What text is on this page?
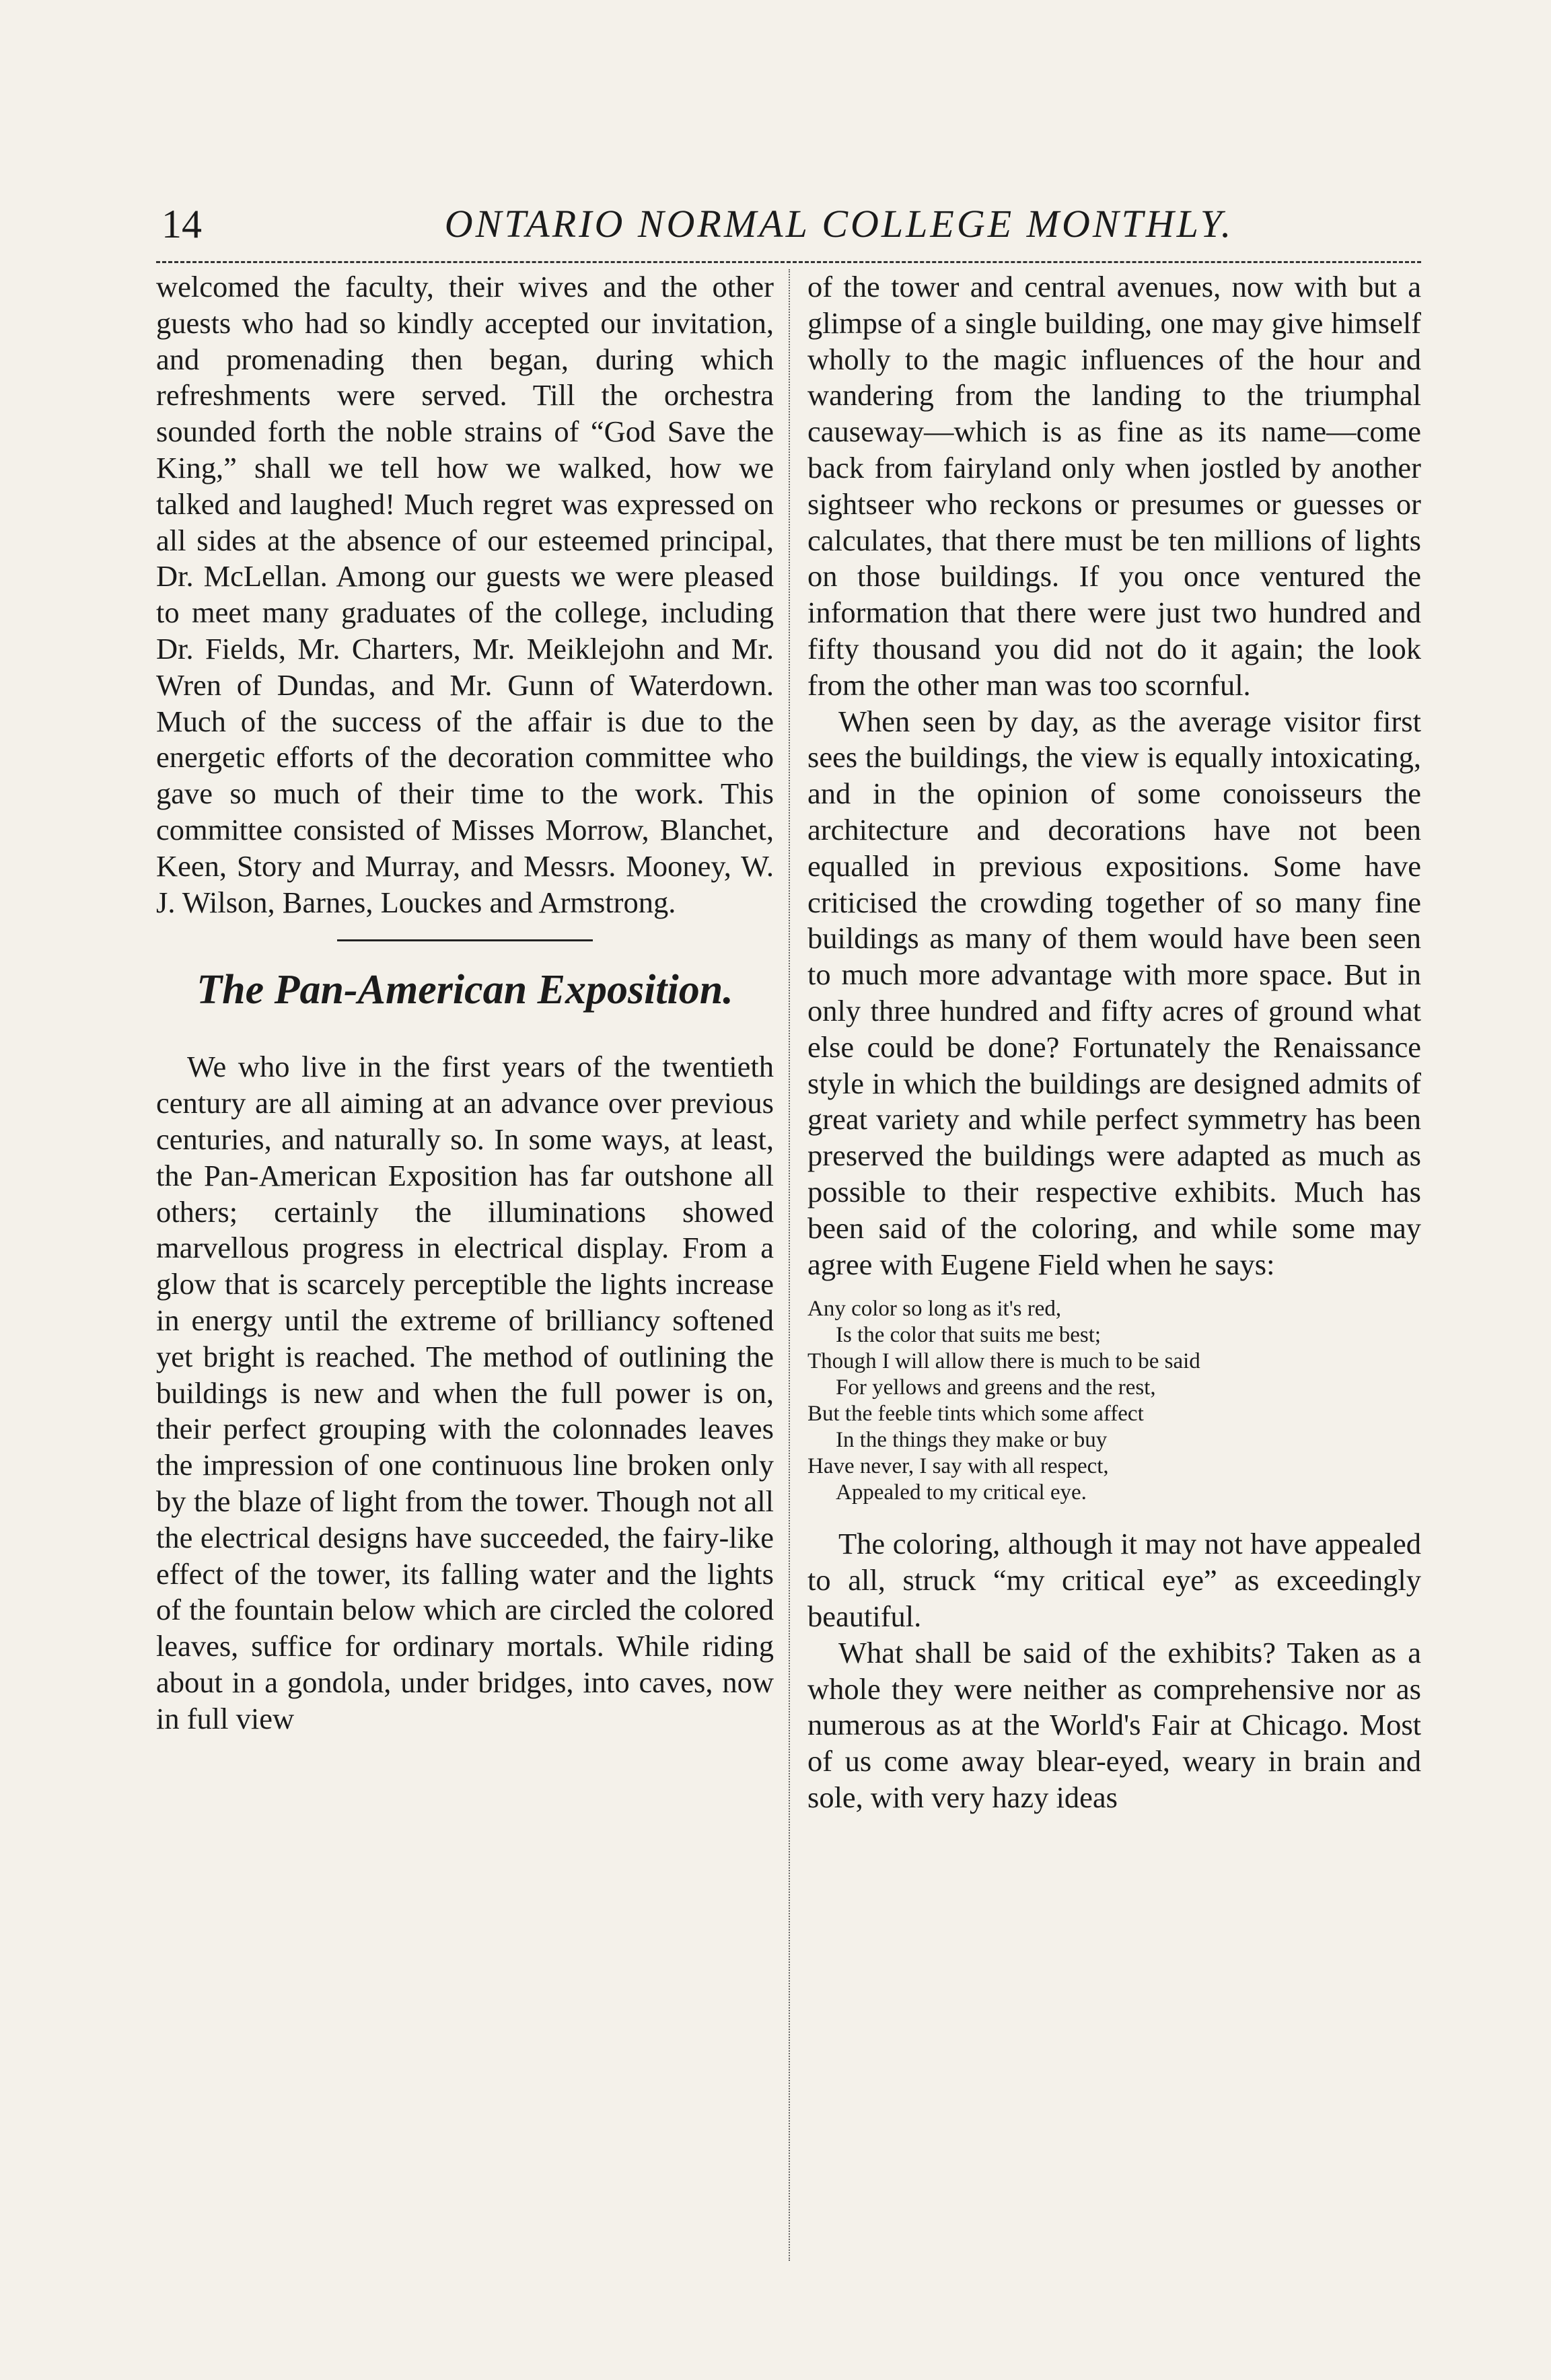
14	ONTARIO NORMAL COLLEGE MONTHLY.

welcomed the faculty, their wives and the other guests who had so kindly accepted our invitation, and promenading then began, during which refreshments were served. Till the orchestra sounded forth the noble strains of “God Save the King,” shall we tell how we walked, how we talked and laughed! Much regret was expressed on all sides at the absence of our esteemed principal, Dr. McLellan. Among our guests we were pleased to meet many graduates of the college, including Dr. Fields, Mr. Charters, Mr. Meiklejohn and Mr. Wren of Dundas, and Mr. Gunn of Waterdown. Much of the success of the affair is due to the energetic efforts of the decoration committee who gave so much of their time to the work. This committee consisted of Misses Morrow, Blanchet, Keen, Story and Murray, and Messrs. Mooney, W. J. Wilson, Barnes, Louckes and Armstrong.

The Pan-American Exposition.

We who live in the first years of the twentieth century are all aiming at an advance over previous centuries, and naturally so. In some ways, at least, the Pan-American Exposition has far outshone all others; certainly the illuminations showed marvellous progress in electrical display. From a glow that is scarcely perceptible the lights increase in energy until the extreme of brilliancy softened yet bright is reached. The method of outlining the buildings is new and when the full power is on, their perfect grouping with the colonnades leaves the impression of one continuous line broken only by the blaze of light from the tower. Though not all the electrical designs have succeeded, the fairy-like effect of the tower, its falling water and the lights of the fountain below which are circled the colored leaves, suffice for ordinary mortals. While riding about in a gondola, under bridges, into caves, now in full view

of the tower and central avenues, now with but a glimpse of a single building, one may give himself wholly to the magic influences of the hour and wandering from the landing to the triumphal causeway—which is as fine as its name—come back from fairyland only when jostled by another sightseer who reckons or presumes or guesses or calculates, that there must be ten millions of lights on those buildings. If you once ventured the information that there were just two hundred and fifty thousand you did not do it again; the look from the other man was too scornful.

When seen by day, as the average visitor first sees the buildings, the view is equally intoxicating, and in the opinion of some conoisseurs the architecture and decorations have not been equalled in previous expositions. Some have criticised the crowding together of so many fine buildings as many of them would have been seen to much more advantage with more space. But in only three hundred and fifty acres of ground what else could be done? Fortunately the Renaissance style in which the buildings are designed admits of great variety and while perfect symmetry has been preserved the buildings were adapted as much as possible to their respective exhibits. Much has been said of the coloring, and while some may agree with Eugene Field when he says:

Any color so long as it's red,
Is the color that suits me best;
Though I will allow there is much to be said
For yellows and greens and the rest,
But the feeble tints which some affect
In the things they make or buy
Have never, I say with all respect,
Appealed to my critical eye.

The coloring, although it may not have appealed to all, struck “my critical eye” as exceedingly beautiful.

What shall be said of the exhibits? Taken as a whole they were neither as comprehensive nor as numerous as at the World's Fair at Chicago. Most of us come away blear-eyed, weary in brain and sole, with very hazy ideas
